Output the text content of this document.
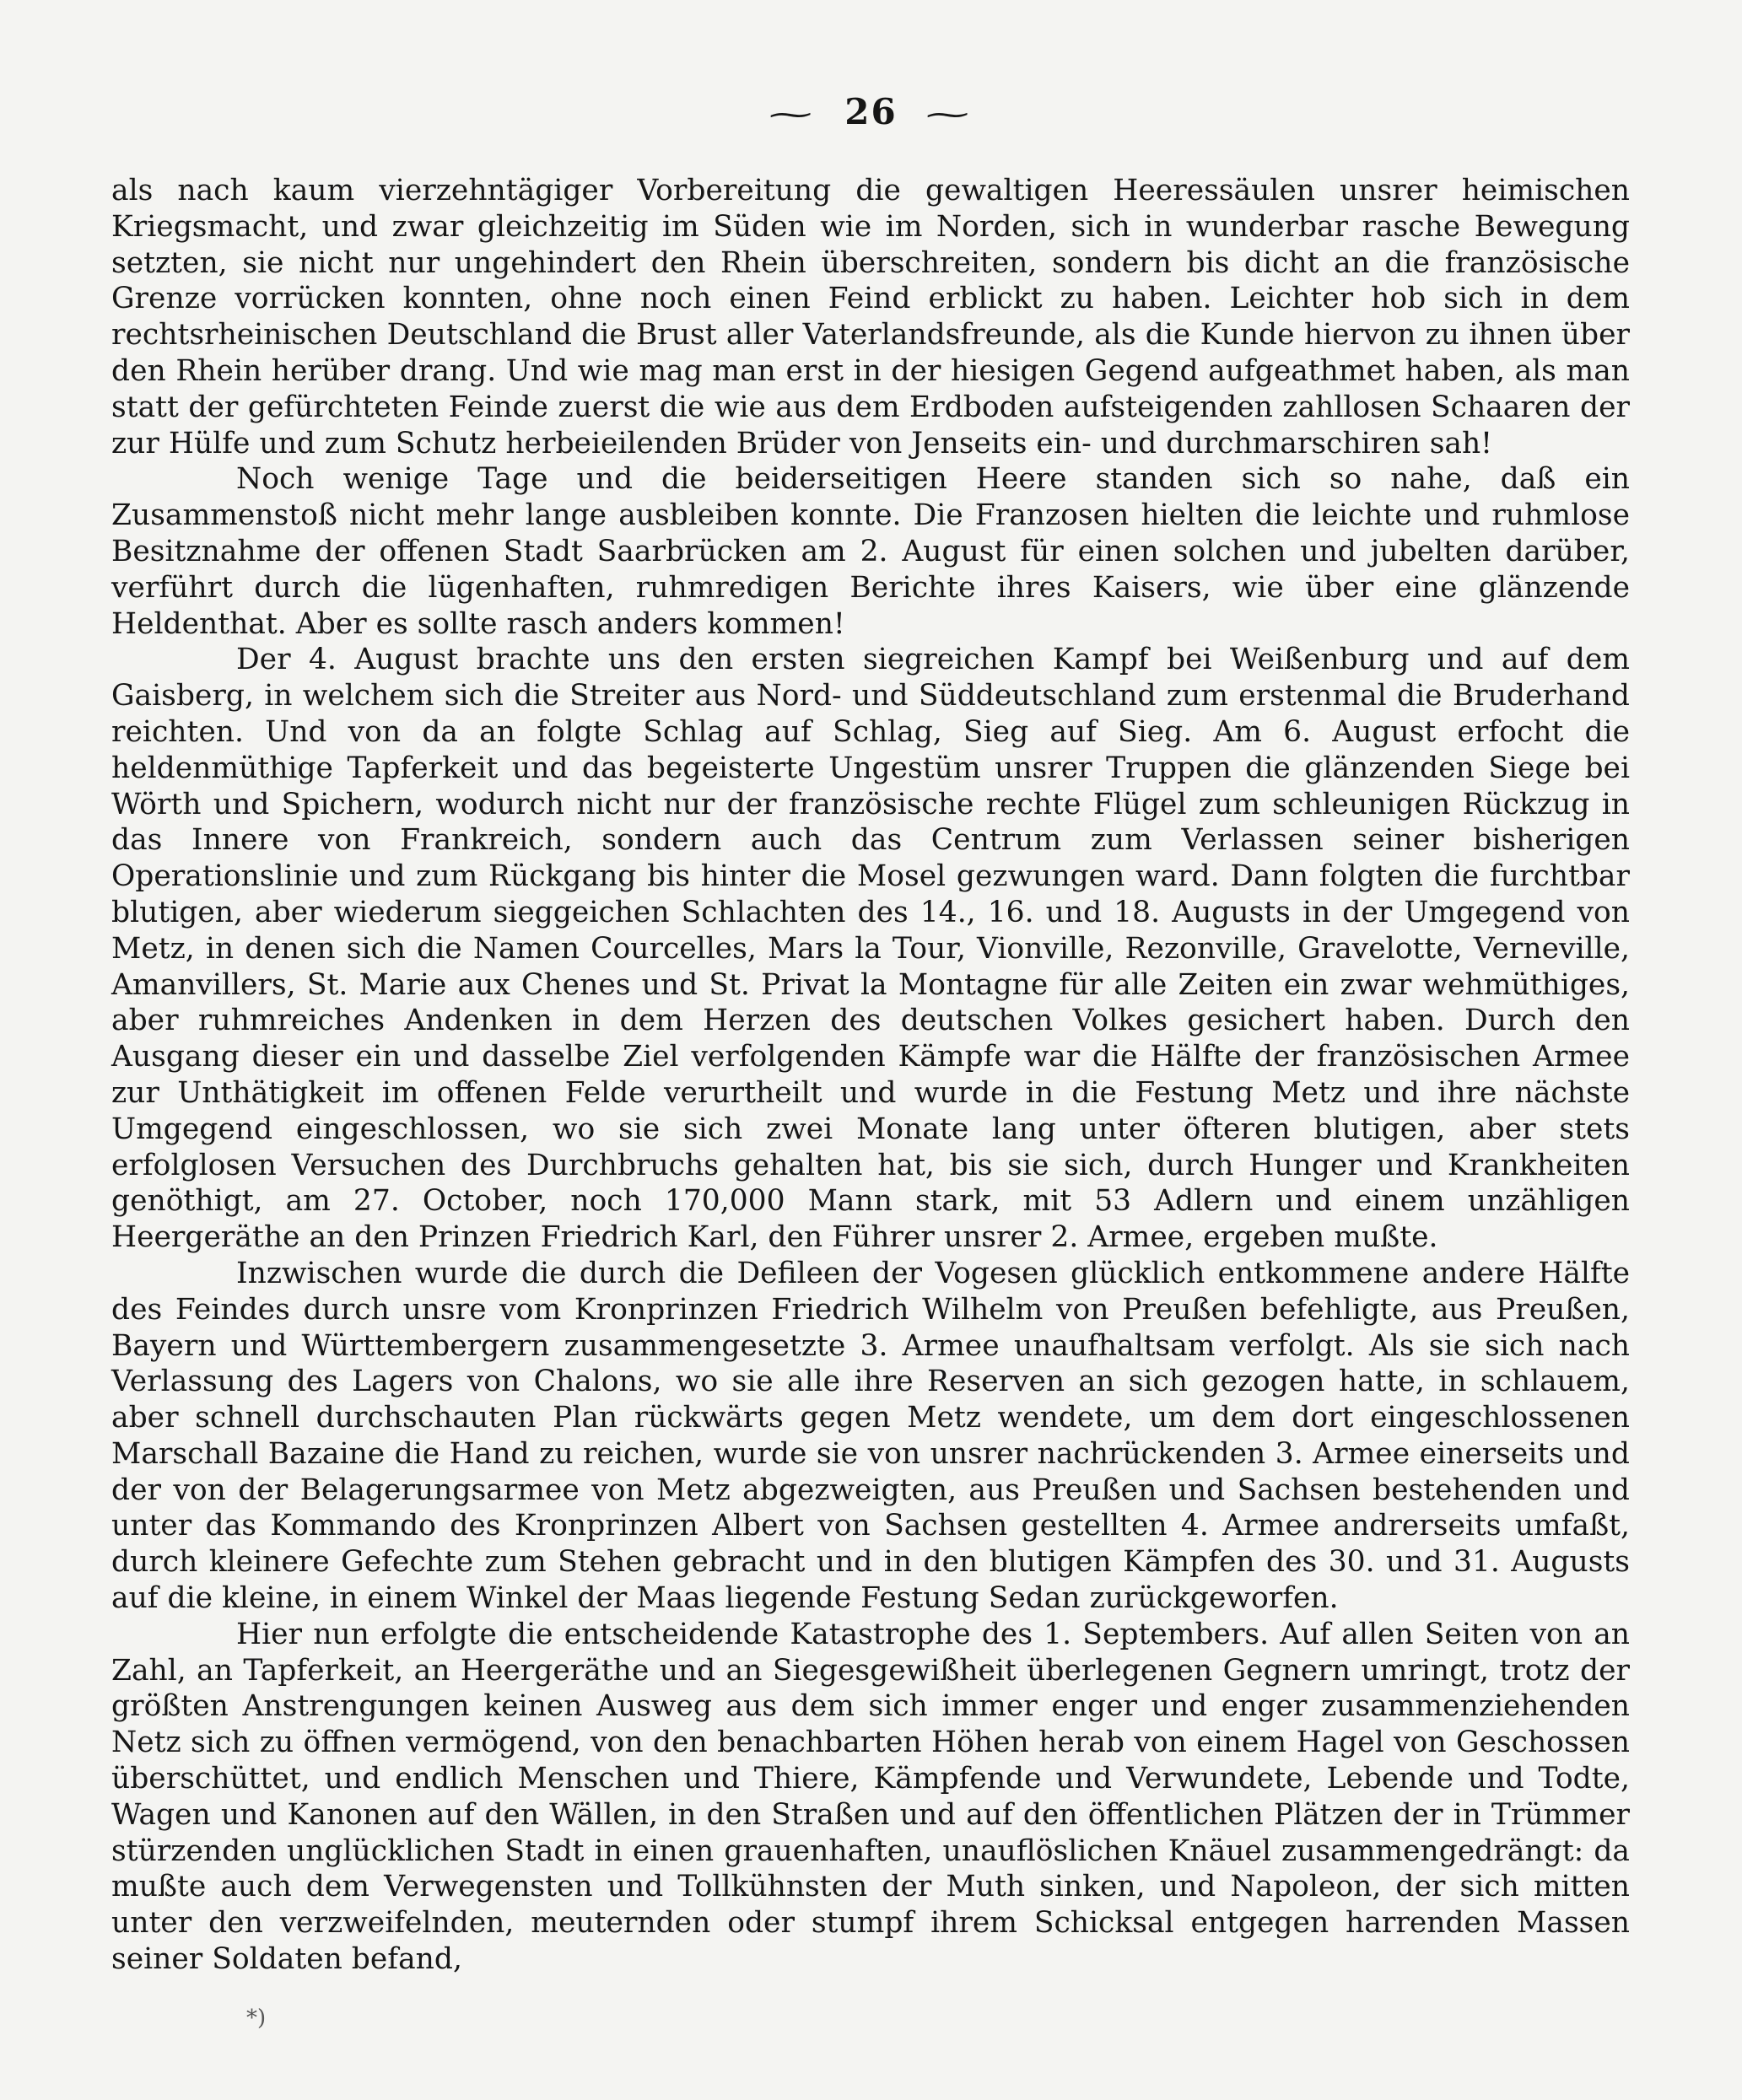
~ 26 ~

als nach kaum vierzehntägiger Vorbereitung die gewaltigen Heeressäulen unsrer heimischen Kriegsmacht, und zwar gleichzeitig im Süden wie im Norden, sich in wunderbar rasche Bewegung setzten, sie nicht nur ungehindert den Rhein überschreiten, sondern bis dicht an die französische Grenze vorrücken konnten, ohne noch einen Feind erblickt zu haben. Leichter hob sich in dem rechtsrheinischen Deutschland die Brust aller Vaterlandsfreunde, als die Kunde hiervon zu ihnen über den Rhein herüber drang. Und wie mag man erst in der hiesigen Gegend aufgeathmet haben, als man statt der gefürchteten Feinde zuerst die wie aus dem Erdboden aufsteigenden zahllosen Schaaren der zur Hülfe und zum Schutz herbeieilenden Brüder von Jenseits ein- und durchmarschiren sah!

Noch wenige Tage und die beiderseitigen Heere standen sich so nahe, daß ein Zusammenstoß nicht mehr lange ausbleiben konnte. Die Franzosen hielten die leichte und ruhmlose Besitznahme der offenen Stadt Saarbrücken am 2. August für einen solchen und jubelten darüber, verführt durch die lügenhaften, ruhmredigen Berichte ihres Kaisers, wie über eine glänzende Heldenthat. Aber es sollte rasch anders kommen!

Der 4. August brachte uns den ersten siegreichen Kampf bei Weißenburg und auf dem Gaisberg, in welchem sich die Streiter aus Nord- und Süddeutschland zum erstenmal die Bruderhand reichten. Und von da an folgte Schlag auf Schlag, Sieg auf Sieg. Am 6. August erfocht die heldenmüthige Tapferkeit und das begeisterte Ungestüm unsrer Truppen die glänzenden Siege bei Wörth und Spichern, wodurch nicht nur der französische rechte Flügel zum schleunigen Rückzug in das Innere von Frankreich, sondern auch das Centrum zum Verlassen seiner bisherigen Operationslinie und zum Rückgang bis hinter die Mosel gezwungen ward. Dann folgten die furchtbar blutigen, aber wiederum sieggeichen Schlachten des 14., 16. und 18. Augusts in der Umgegend von Metz, in denen sich die Namen Courcelles, Mars la Tour, Vionville, Rezonville, Gravelotte, Verneville, Amanvillers, St. Marie aux Chenes und St. Privat la Montagne für alle Zeiten ein zwar wehmüthiges, aber ruhmreiches Andenken in dem Herzen des deutschen Volkes gesichert haben. Durch den Ausgang dieser ein und dasselbe Ziel verfolgenden Kämpfe war die Hälfte der französischen Armee zur Unthätigkeit im offenen Felde verurtheilt und wurde in die Festung Metz und ihre nächste Umgegend eingeschlossen, wo sie sich zwei Monate lang unter öfteren blutigen, aber stets erfolglosen Versuchen des Durchbruchs gehalten hat, bis sie sich, durch Hunger und Krankheiten genöthigt, am 27. October, noch 170,000 Mann stark, mit 53 Adlern und einem unzähligen Heergeräthe an den Prinzen Friedrich Karl, den Führer unsrer 2. Armee, ergeben mußte.

Inzwischen wurde die durch die Defileen der Vogesen glücklich entkommene andere Hälfte des Feindes durch unsre vom Kronprinzen Friedrich Wilhelm von Preußen befehligte, aus Preußen, Bayern und Württembergern zusammengesetzte 3. Armee unaufhaltsam verfolgt. Als sie sich nach Verlassung des Lagers von Chalons, wo sie alle ihre Reserven an sich gezogen hatte, in schlauem, aber schnell durchschauten Plan rückwärts gegen Metz wendete, um dem dort eingeschlossenen Marschall Bazaine die Hand zu reichen, wurde sie von unsrer nachrückenden 3. Armee einerseits und der von der Belagerungsarmee von Metz abgezweigten, aus Preußen und Sachsen bestehenden und unter das Kommando des Kronprinzen Albert von Sachsen gestellten 4. Armee andrerseits umfaßt, durch kleinere Gefechte zum Stehen gebracht und in den blutigen Kämpfen des 30. und 31. Augusts auf die kleine, in einem Winkel der Maas liegende Festung Sedan zurückgeworfen.

Hier nun erfolgte die entscheidende Katastrophe des 1. Septembers. Auf allen Seiten von an Zahl, an Tapferkeit, an Heergeräthe und an Siegesgewißheit überlegenen Gegnern umringt, trotz der größten Anstrengungen keinen Ausweg aus dem sich immer enger und enger zusammenziehenden Netz sich zu öffnen vermögend, von den benachbarten Höhen herab von einem Hagel von Geschossen überschüttet, und endlich Menschen und Thiere, Kämpfende und Verwundete, Lebende und Todte, Wagen und Kanonen auf den Wällen, in den Straßen und auf den öffentlichen Plätzen der in Trümmer stürzenden unglücklichen Stadt in einen grauenhaften, unauflöslichen Knäuel zusammengedrängt: da mußte auch dem Verwegensten und Tollkühnsten der Muth sinken, und Napoleon, der sich mitten unter den verzweifelnden, meuternden oder stumpf ihrem Schicksal entgegen harrenden Massen seiner Soldaten befand,

*)
